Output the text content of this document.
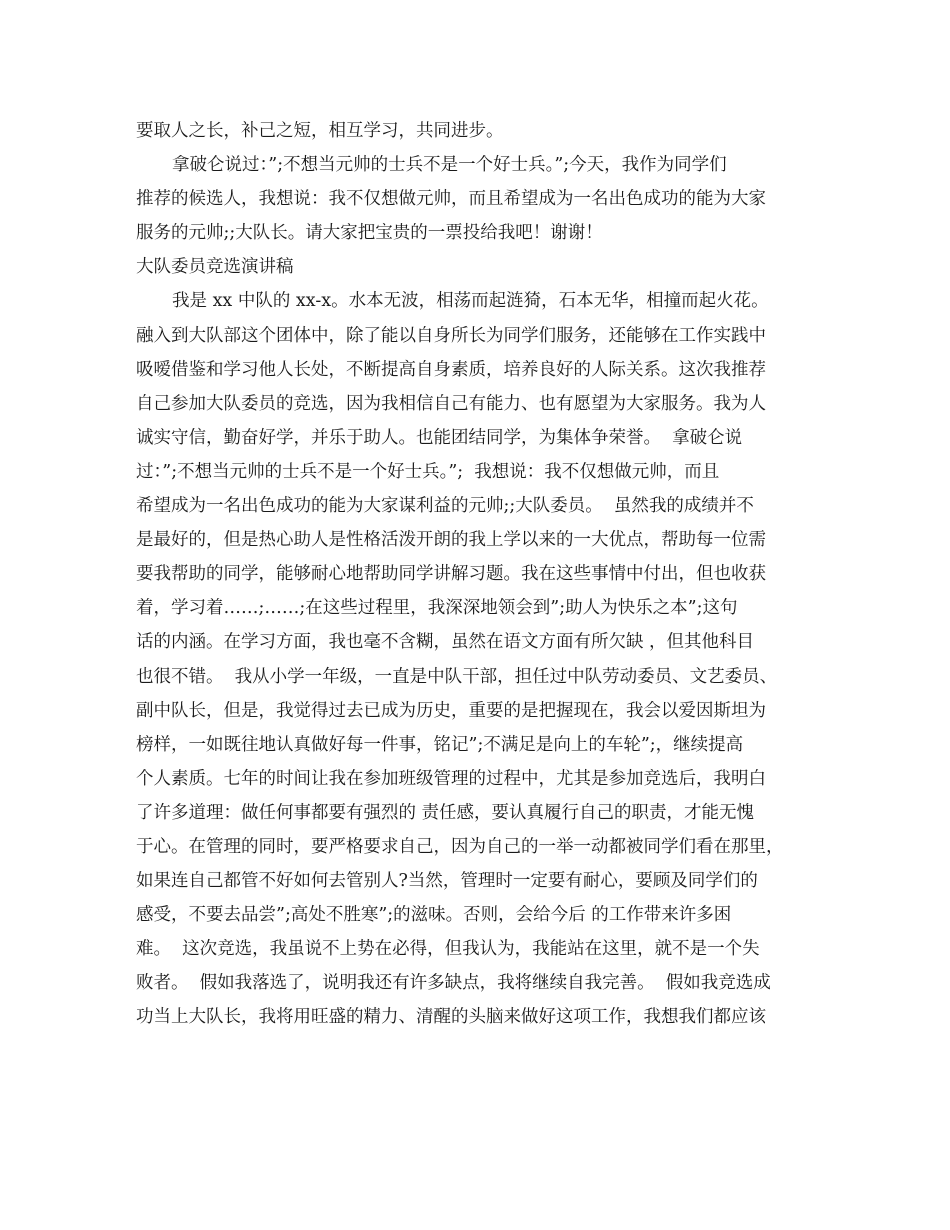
要取人之长，补己之短，相互学习，共同进步。
拿破仑说过：”;不想当元帅的士兵不是一个好士兵。”;今天，我作为同学们
推荐的候选人，我想说：我不仅想做元帅，而且希望成为一名出色成功的能为大家
服务的元帅;;大队长。请大家把宝贵的一票投给我吧！谢谢！
大队委员竞选演讲稿
我是 xx 中队的 xx-x。水本无波，相荡而起涟猗，石本无华，相撞而起火花。
融入到大队部这个团体中，除了能以自身所长为同学们服务，还能够在工作实践中
吸嗳借鉴和学习他人长处，不断提高自身素质，培养良好的人际关系。这次我推荐
自己参加大队委员的竞选，因为我相信自己有能力、也有愿望为大家服务。我为人
诚实守信，勤奋好学，并乐于助人。也能团结同学，为集体争荣誉。  拿破仑说
过：”;不想当元帅的士兵不是一个好士兵。”;  我想说：我不仅想做元帅，而且
希望成为一名出色成功的能为大家谋利益的元帅;;大队委员。  虽然我的成绩并不
是最好的，但是热心助人是性格活泼开朗的我上学以来的一大优点，帮助每一位需
要我帮助的同学，能够耐心地帮助同学讲解习题。我在这些事情中付出，但也收获
着，学习着……;……;在这些过程里，我深深地领会到”;助人为快乐之本”;这句
话的内涵。在学习方面，我也毫不含糊，虽然在语文方面有所欠缺 ，但其他科目
也很不错。  我从小学一年级，一直是中队干部，担任过中队劳动委员、文艺委员、
副中队长，但是，我觉得过去已成为历史，重要的是把握现在，我会以爱因斯坦为
榜样，一如既往地认真做好每一件事，铭记”;不满足是向上的车轮”;，继续提高
个人素质。七年的时间让我在参加班级管理的过程中，尤其是参加竞选后，我明白
了许多道理：做任何事都要有强烈的 责任感，要认真履行自己的职责，才能无愧
于心。在管理的同时，要严格要求自己，因为自己的一举一动都被同学们看在那里，
如果连自己都管不好如何去管别人?当然，管理时一定要有耐心，要顾及同学们的
感受，不要去品尝”;高处不胜寒”;的滋味。否则，会给今后 的工作带来许多困
难。  这次竞选，我虽说不上势在必得，但我认为，我能站在这里，就不是一个失
败者。  假如我落选了，说明我还有许多缺点，我将继续自我完善。  假如我竞选成
功当上大队长，我将用旺盛的精力、清醒的头脑来做好这项工作，我想我们都应该
